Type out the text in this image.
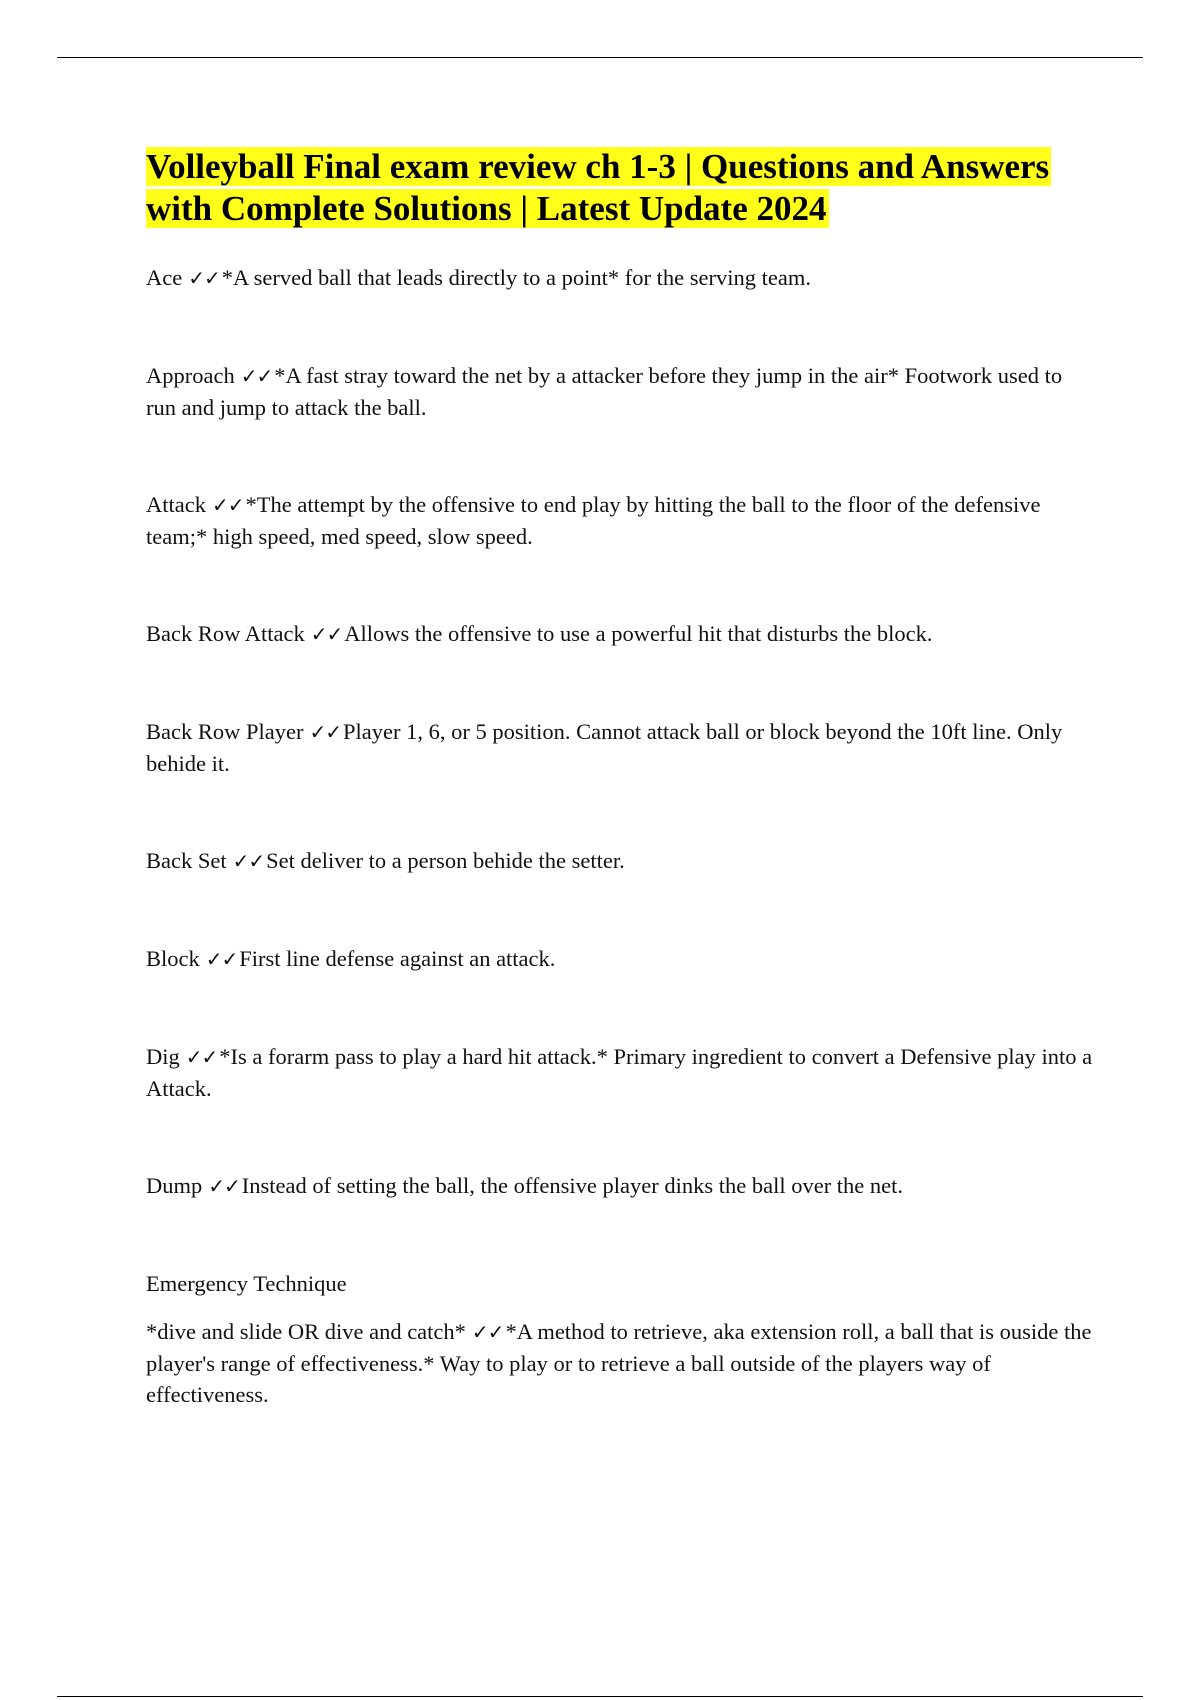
Volleyball Final exam review ch 1-3 | Questions and Answers with Complete Solutions | Latest Update 2024
Ace ✓✓*A served ball that leads directly to a point* for the serving team.
Approach ✓✓*A fast stray toward the net by a attacker before they jump in the air* Footwork used to run and jump to attack the ball.
Attack ✓✓*The attempt by the offensive to end play by hitting the ball to the floor of the defensive team;* high speed, med speed, slow speed.
Back Row Attack ✓✓Allows the offensive to use a powerful hit that disturbs the block.
Back Row Player ✓✓Player 1, 6, or 5 position. Cannot attack ball or block beyond the 10ft line. Only behide it.
Back Set ✓✓Set deliver to a person behide the setter.
Block ✓✓First line defense against an attack.
Dig ✓✓*Is a forarm pass to play a hard hit attack.* Primary ingredient to convert a Defensive play into a Attack.
Dump ✓✓Instead of setting the ball, the offensive player dinks the ball over the net.
Emergency Technique
*dive and slide OR dive and catch* ✓✓*A method to retrieve, aka extension roll, a ball that is ouside the player's range of effectiveness.* Way to play or to retrieve a ball outside of the players way of effectiveness.
